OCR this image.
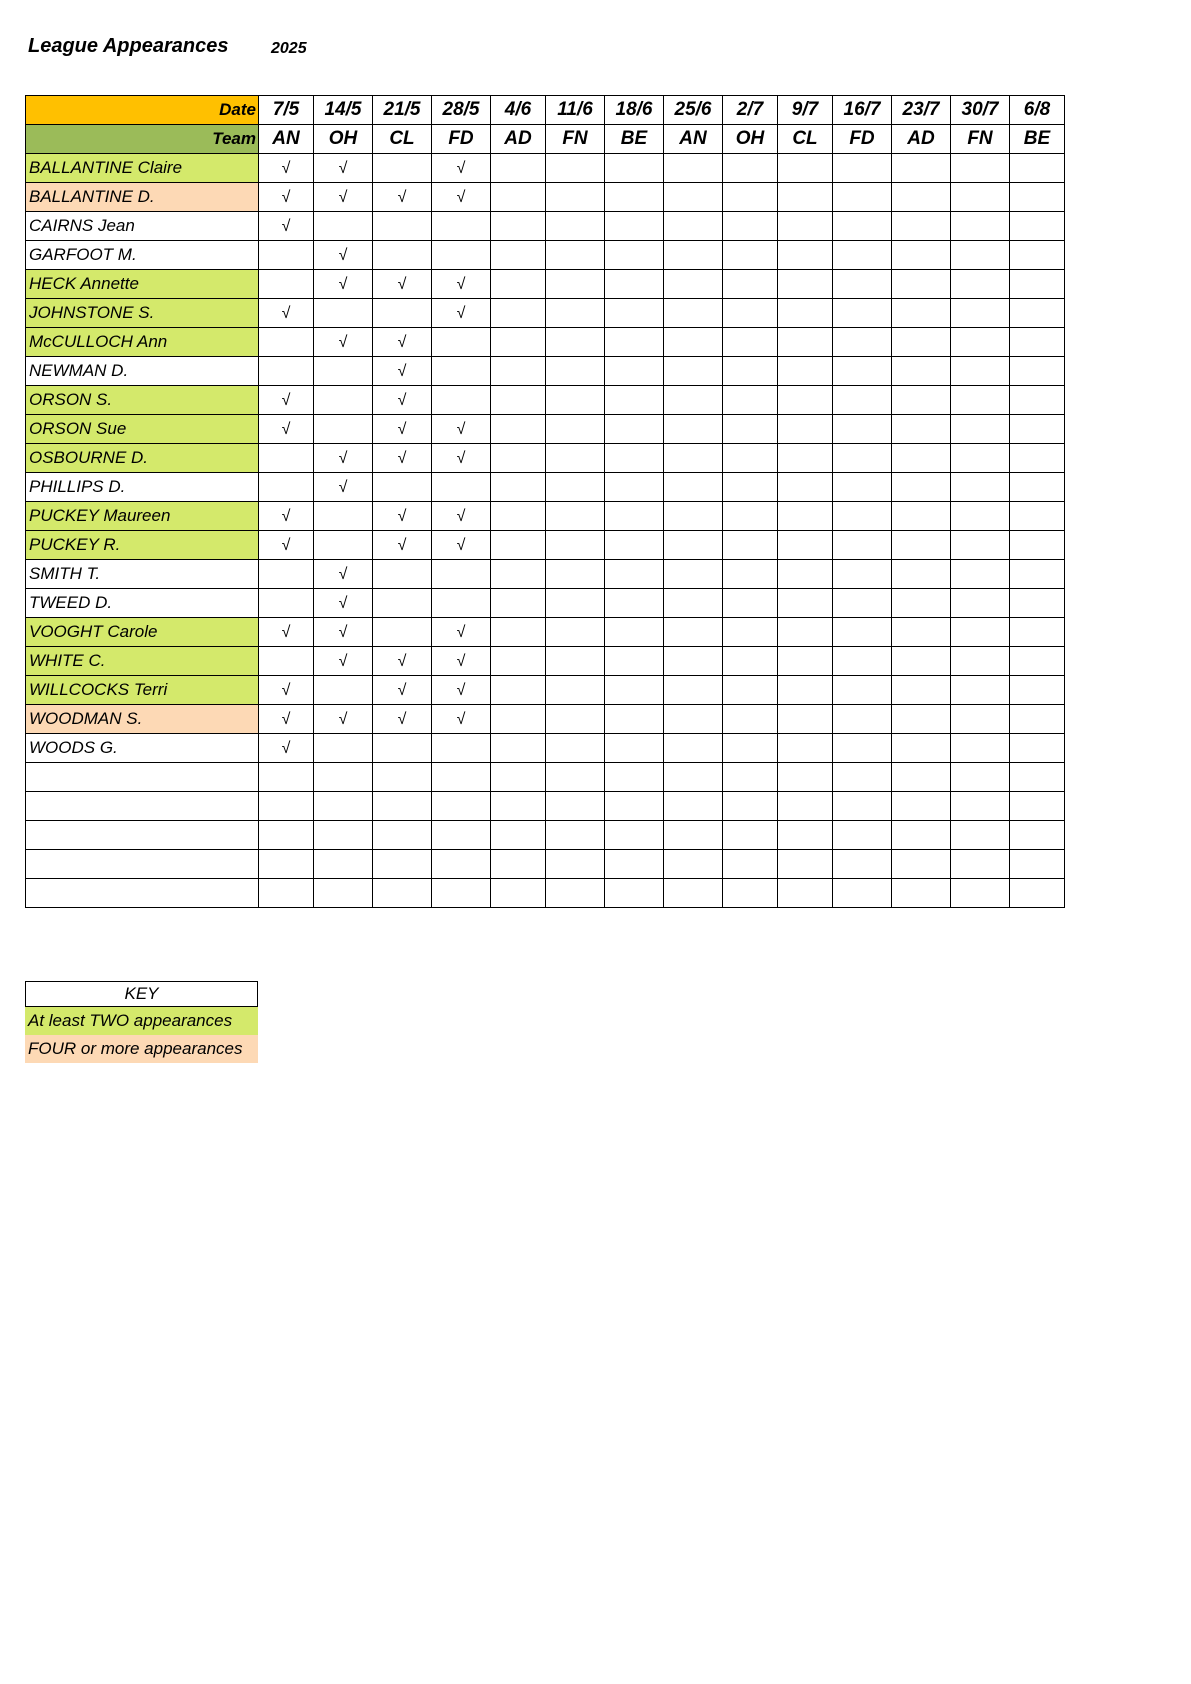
League Appearances	2025
Date	7/5	14/5	21/5	28/5	4/6	11/6	18/6	25/6	2/7	9/7	16/7	23/7	30/7	6/8
Team	AN	OH	CL	FD	AD	FN	BE	AN	OH	CL	FD	AD	FN	BE
BALLANTINE Claire	√	√		√										
BALLANTINE D.	√	√	√	√										
CAIRNS Jean	√													
GARFOOT M.		√												
HECK Annette		√	√	√										
JOHNSTONE S.	√			√										
McCULLOCH Ann		√	√											
NEWMAN D.			√											
ORSON S.	√		√											
ORSON Sue	√		√	√										
OSBOURNE D.		√	√	√										
PHILLIPS D.		√												
PUCKEY Maureen	√		√	√										
PUCKEY R.	√		√	√										
SMITH T.		√												
TWEED D.		√												
VOOGHT Carole	√	√		√										
WHITE C.		√	√	√										
WILLCOCKS Terri	√		√	√										
WOODMAN S.	√	√	√	√										
WOODS G.	√													

KEY
At least TWO appearances
FOUR or more appearances
